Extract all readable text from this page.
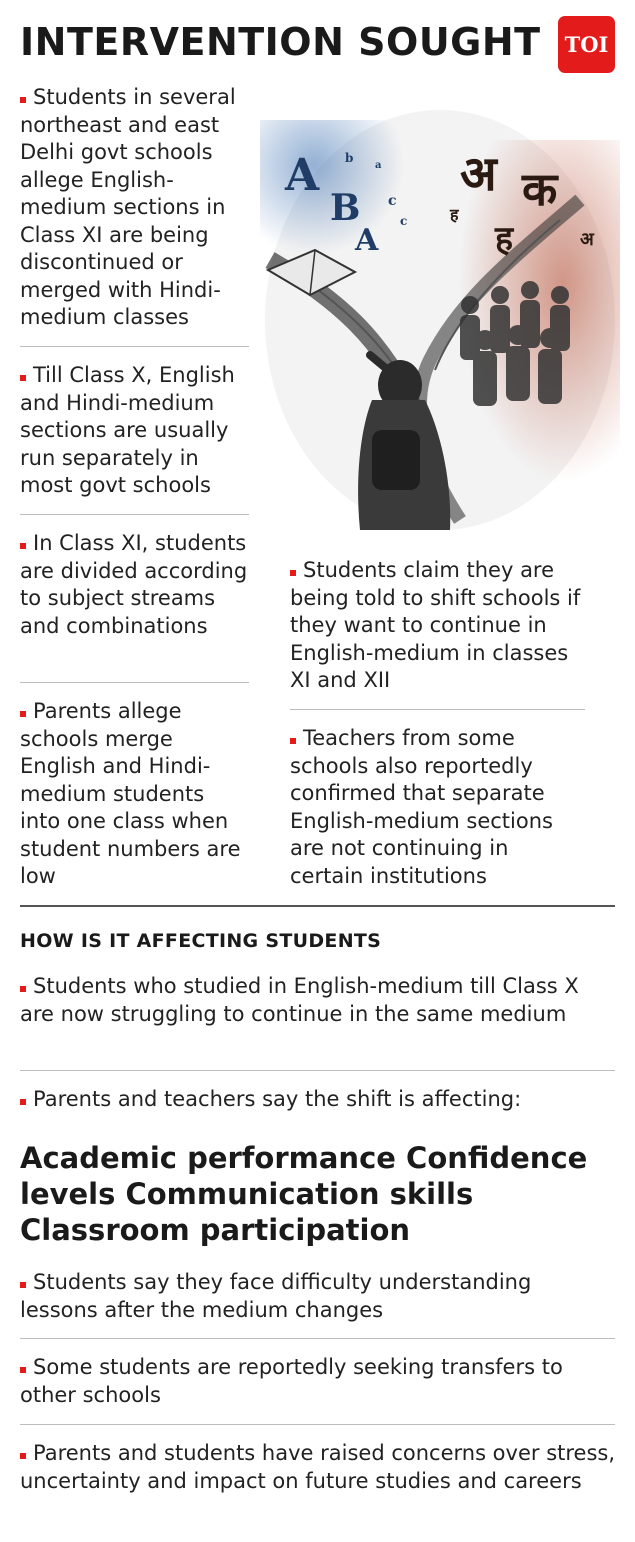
INTERVENTION SOUGHT	TOI
A
B
A
c
b
c
a अ क
ह
ह
अ
Students in several northeast and east Delhi govt schools allege English-medium sections in Class XI are being discontinued or merged with Hindi-medium classes
Till Class X, English and Hindi-medium sections are usually run separately in most govt schools
In Class XI, students are divided according to subject streams and combinations
Parents allege schools merge English and Hindi-medium students into one class when student numbers are low
Students claim they are being told to shift schools if they want to continue in English-medium in classes XI and XII
Teachers from some schools also reportedly confirmed that separate English-medium sections are not continuing in certain institutions
HOW IS IT AFFECTING STUDENTS
Students who studied in English-medium till Class X are now struggling to continue in the same medium
Parents and teachers say the shift is affecting:
Academic performance Confidence levels Communication skills Classroom participation
Students say they face difficulty understanding lessons after the medium changes
Some students are reportedly seeking transfers to other schools
Parents and students have raised concerns over stress, uncertainty and impact on future studies and careers
